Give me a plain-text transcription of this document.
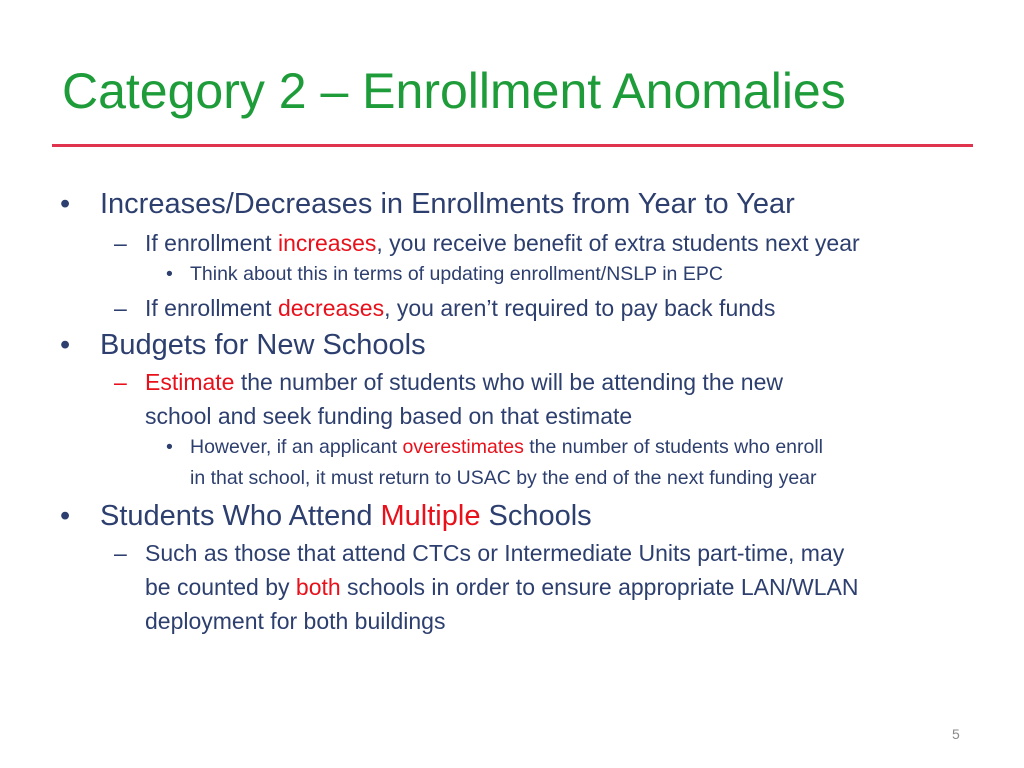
Category 2 – Enrollment Anomalies
• Increases/Decreases in Enrollments from Year to Year
– If enrollment increases, you receive benefit of extra students next year
• Think about this in terms of updating enrollment/NSLP in EPC
– If enrollment decreases, you aren’t required to pay back funds
• Budgets for New Schools
– Estimate the number of students who will be attending the new
school and seek funding based on that estimate
• However, if an applicant overestimates the number of students who enroll
in that school, it must return to USAC by the end of the next funding year
• Students Who Attend Multiple Schools
– Such as those that attend CTCs or Intermediate Units part-time, may
be counted by both schools in order to ensure appropriate LAN/WLAN
deployment for both buildings
5
